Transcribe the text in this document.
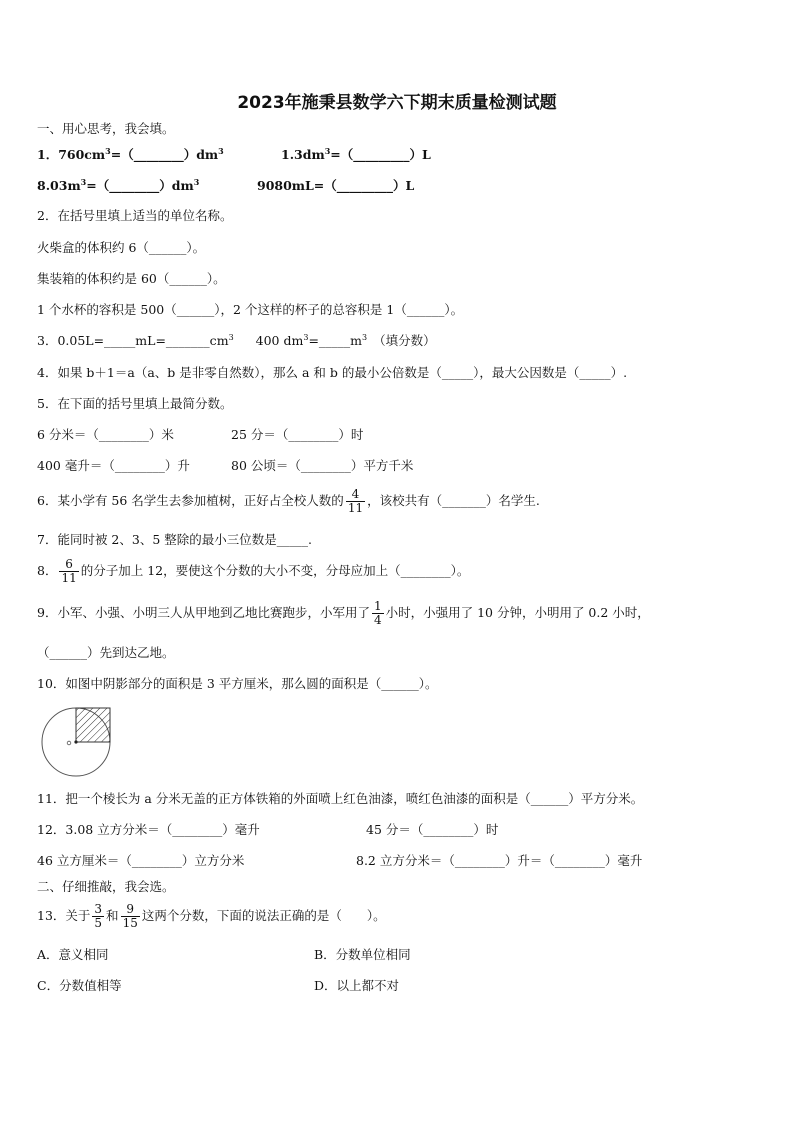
2023年施秉县数学六下期末质量检测试题
一、用心思考，我会填。
1．$760cm^3=(\_\_\_\_\_\_\_\_)dm^3$	$1.3dm^3=(\_\_\_\_\_\_\_\_\_)L$
$8.03m^3=(\_\_\_\_\_\_\_\_)dm^3$	9080mL=（_________）L
2．在括号里填上适当的单位名称。
火柴盒的体积约 6（______）。
集装箱的体积约是 60（______）。
1 个水杯的容积是 500（______），2 个这样的杯子的总容积是 1（______）。
3．$0.05L=\_\_\_\_\_mL=\_\_\_\_\_\_\_cm^3$ 400 $dm^3=\_\_\_\_\_m^3$ （填分数）
4．如果 b＋1＝a（a、b 是非零自然数），那么 a 和 b 的最小公倍数是（_____），最大公因数是（_____）.
5．在下面的括号里填上最简分数。
6 分米＝（________）米	25 分＝（________）时
400 毫升＝（________）升	80 公顷＝（________）平方千米
6．某小学有 56 名学生去参加植树，正好占全校人数的 $\frac{4}{11}$ ，该校共有（_______）名学生.
7．能同时被 2、3、5 整除的最小三位数是_____.
8． $\frac{6}{11}$ 的分子加上 12，要使这个分数的大小不变，分母应加上（________）。
9．小军、小强、小明三人从甲地到乙地比赛跑步，小军用了 $\frac{1}{4}$ 小时，小强用了 10 分钟，小明用了 0.2 小时，
（______）先到达乙地。
10．如图中阴影部分的面积是 3 平方厘米，那么圆的面积是（______）。
11．把一个棱长为 a 分米无盖的正方体铁箱的外面喷上红色油漆，喷红色油漆的面积是（______）平方分米。
12．3.08 立方分米＝（________）毫升	45 分＝（________）时
46 立方厘米＝（________）立方分米	8.2 立方分米＝（________）升＝（________）毫升
二、仔细推敲，我会选。
13．关于 $\frac{3}{5}$ 和 $\frac{9}{15}$ 这两个分数，下面的说法正确的是（　　）。
A．意义相同	B．分数单位相同
C．分数值相等	D．以上都不对
